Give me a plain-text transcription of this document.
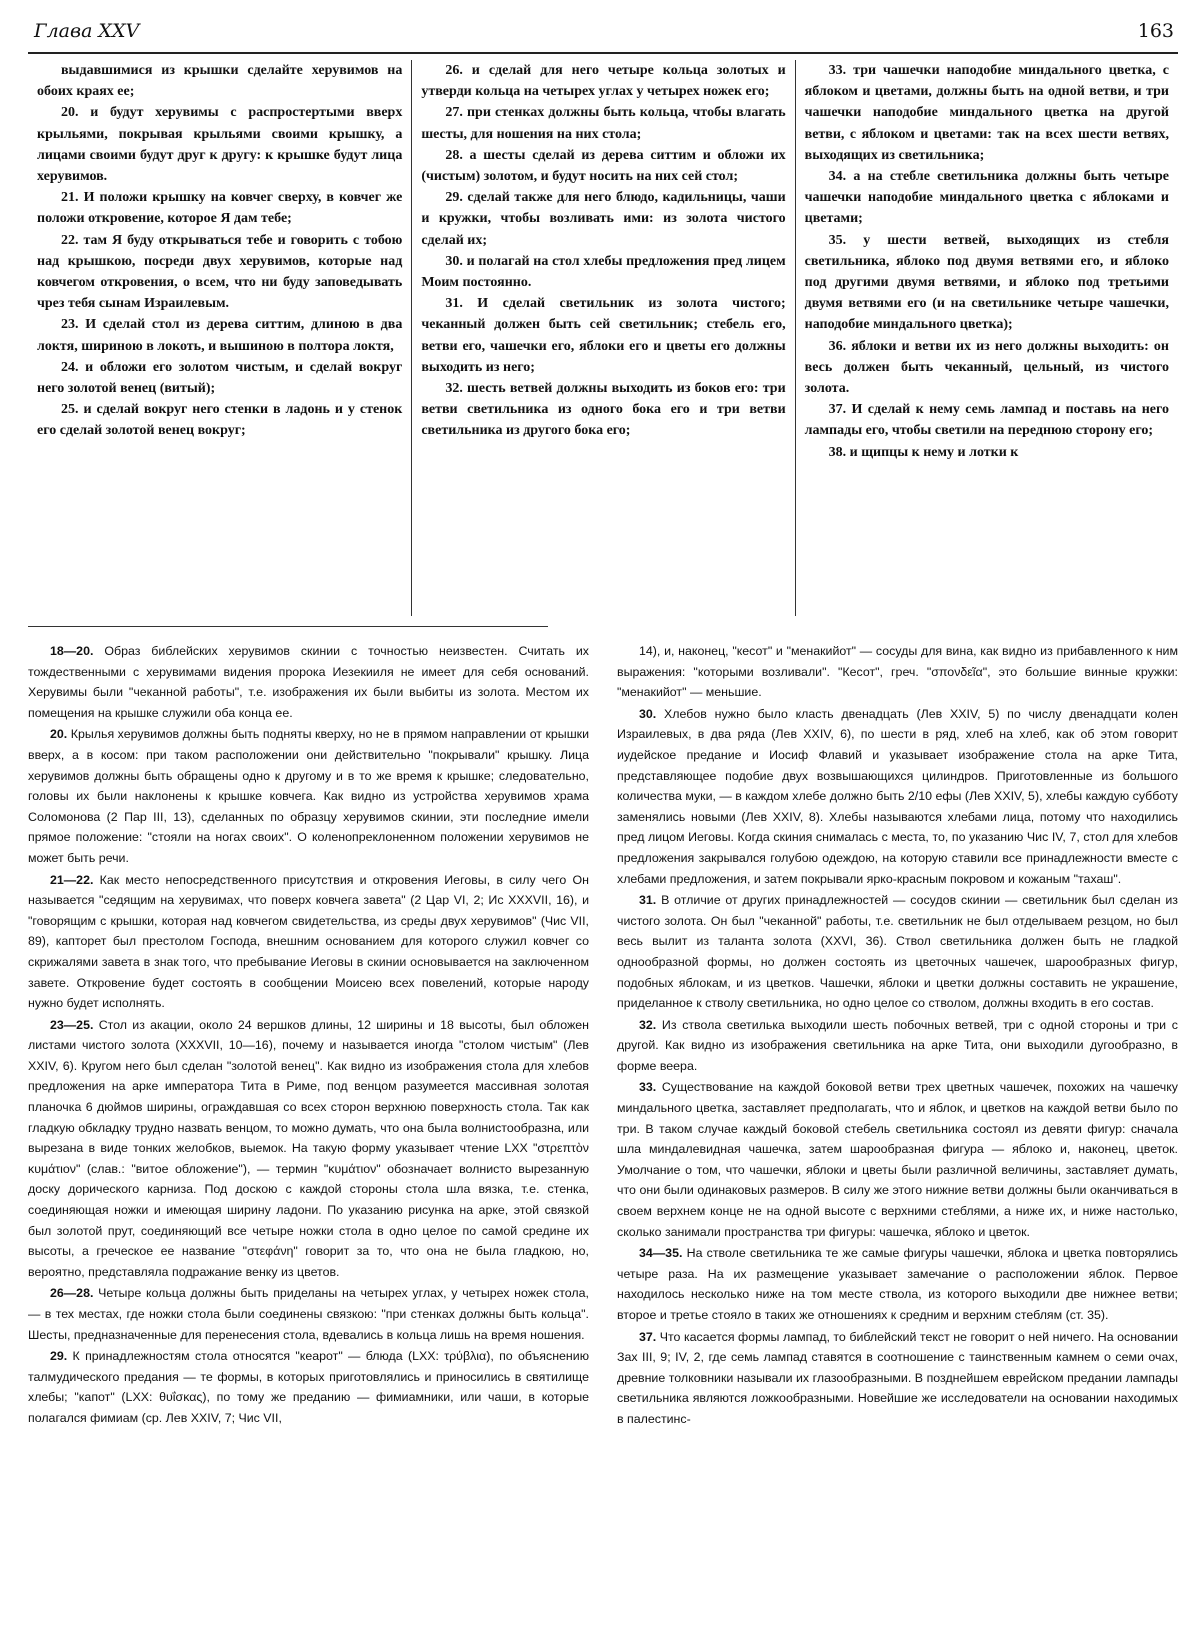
Глава XXV	163

выдавшимися из крышки сделайте херувимов на обоих краях ее;

20. и будут херувимы с распростертыми вверх крыльями, покрывая крыльями своими крышку, а лицами своими будут друг к другу: к крышке будут лица херувимов.

21. И положи крышку на ковчег сверху, в ковчег же положи откровение, которое Я дам тебе;

22. там Я буду открываться тебе и говорить с тобою над крышкою, посреди двух херувимов, которые над ковчегом откровения, о всем, что ни буду заповедывать чрез тебя сынам Израилевым.

23. И сделай стол из дерева ситтим, длиною в два локтя, шириною в локоть, и вышиною в полтора локтя,

24. и обложи его золотом чистым, и сделай вокруг него золотой венец (витый);

25. и сделай вокруг него стенки в ладонь и у стенок его сделай золотой венец вокруг;

26. и сделай для него четыре кольца золотых и утверди кольца на четырех углах у четырех ножек его;

27. при стенках должны быть кольца, чтобы влагать шесты, для ношения на них стола;

28. а шесты сделай из дерева ситтим и обложи их (чистым) золотом, и будут носить на них сей стол;

29. сделай также для него блюдо, кадильницы, чаши и кружки, чтобы возливать ими: из золота чистого сделай их;

30. и полагай на стол хлебы предложения пред лицем Моим постоянно.

31. И сделай светильник из золота чистого; чеканный должен быть сей светильник; стебель его, ветви его, чашечки его, яблоки его и цветы его должны выходить из него;

32. шесть ветвей должны выходить из боков его: три ветви светильника из одного бока его и три ветви светильника из другого бока его;

33. три чашечки наподобие миндального цветка, с яблоком и цветами, должны быть на одной ветви, и три чашечки наподобие миндального цветка на другой ветви, с яблоком и цветами: так на всех шести ветвях, выходящих из светильника;

34. а на стебле светильника должны быть четыре чашечки наподобие миндального цветка с яблоками и цветами;

35. у шести ветвей, выходящих из стебля светильника, яблоко под двумя ветвями его, и яблоко под другими двумя ветвями, и яблоко под третьими двумя ветвями его (и на светильнике четыре чашечки, наподобие миндального цветка);

36. яблоки и ветви их из него должны выходить: он весь должен быть чеканный, цельный, из чистого золота.

37. И сделай к нему семь лампад и поставь на него лампады его, чтобы светили на переднюю сторону его;

38. и щипцы к нему и лотки к

18—20. Образ библейских херувимов скинии с точностью неизвестен. Считать их тождественными с херувимами видения пророка Иезекииля не имеет для себя оснований. Херувимы были "чеканной работы", т.е. изображения их были выбиты из золота. Местом их помещения на крышке служили оба конца ее.

20. Крылья херувимов должны быть подняты кверху, но не в прямом направлении от крышки вверх, а в косом: при таком расположении они действительно "покрывали" крышку. Лица херувимов должны быть обращены одно к другому и в то же время к крышке; следовательно, головы их были наклонены к крышке ковчега. Как видно из устройства херувимов храма Соломонова (2 Пар III, 13), сделанных по образцу херувимов скинии, эти последние имели прямое положение: "стояли на ногах своих". О коленопреклоненном положении херувимов не может быть речи.

21—22. Как место непосредственного присутствия и откровения Иеговы, в силу чего Он называется "седящим на херувимах, что поверх ковчега завета" (2 Цар VI, 2; Ис XXXVII, 16), и "говорящим с крышки, которая над ковчегом свидетельства, из среды двух херувимов" (Чис VII, 89), капторет был престолом Господа, внешним основанием для которого служил ковчег со скрижалями завета в знак того, что пребывание Иеговы в скинии основывается на заключенном завете. Откровение будет состоять в сообщении Моисею всех повелений, которые народу нужно будет исполнять.

23—25. Стол из акации, около 24 вершков длины, 12 ширины и 18 высоты, был обложен листами чистого золота (XXXVII, 10—16), почему и называется иногда "столом чистым" (Лев XXIV, 6). Кругом него был сделан "золотой венец". Как видно из изображения стола для хлебов предложения на арке императора Тита в Риме, под венцом разумеется массивная золотая планочка 6 дюймов ширины, ограждавшая со всех сторон верхнюю поверхность стола. Так как гладкую обкладку трудно назвать венцом, то можно думать, что она была волнистообразна, или вырезана в виде тонких желобков, выемок. На такую форму указывает чтение LXX "στρεπτὸν κυμάτιον" (слав.: "витое обложение"), — термин "κυμάτιον" обозначает волнисто вырезанную доску дорического карниза. Под доскою с каждой стороны стола шла вязка, т.е. стенка, соединяющая ножки и имеющая ширину ладони. По указанию рисунка на арке, этой связкой был золотой прут, соединяющий все четыре ножки стола в одно целое по самой средине их высоты, а греческое ее название "στεφάνη" говорит за то, что она не была гладкою, но, вероятно, представляла подражание венку из цветов.

26—28. Четыре кольца должны быть приделаны на четырех углах, у четырех ножек стола, — в тех местах, где ножки стола были соединены связкою: "при стенках должны быть кольца". Шесты, предназначенные для перенесения стола, вдевались в кольца лишь на время ношения.

29. К принадлежностям стола относятся "кеарот" — блюда (LXX: τρύβλια), по объяснению талмудического предания — те формы, в которых приготовлялись и приносились в святилище хлебы; "капот" (LXX: θυΐσκας), по тому же преданию — фимиамники, или чаши, в которые полагался фимиам (ср. Лев XXIV, 7; Чис VII,

14), и, наконец, "кесот" и "менакийот" — сосуды для вина, как видно из прибавленного к ним выражения: "которыми возливали". "Кесот", греч. "σπονδεῖα", это большие винные кружки: "менакийот" — меньшие.

30. Хлебов нужно было класть двенадцать (Лев XXIV, 5) по числу двенадцати колен Израилевых, в два ряда (Лев XXIV, 6), по шести в ряд, хлеб на хлеб, как об этом говорит иудейское предание и Иосиф Флавий и указывает изображение стола на арке Тита, представляющее подобие двух возвышающихся цилиндров. Приготовленные из большого количества муки, — в каждом хлебе должно быть 2/10 ефы (Лев XXIV, 5), хлебы каждую субботу заменялись новыми (Лев XXIV, 8). Хлебы называются хлебами лица, потому что находились пред лицом Иеговы. Когда скиния снималась с места, то, по указанию Чис IV, 7, стол для хлебов предложения закрывался голубою одеждою, на которую ставили все принадлежности вместе с хлебами предложения, и затем покрывали ярко-красным покровом и кожаным "тахаш".

31. В отличие от других принадлежностей — сосудов скинии — светильник был сделан из чистого золота. Он был "чеканной" работы, т.е. светильник не был отделываем резцом, но был весь вылит из таланта золота (XXVI, 36). Ствол светильника должен быть не гладкой однообразной формы, но должен состоять из цветочных чашечек, шарообразных фигур, подобных яблокам, и из цветков. Чашечки, яблоки и цветки должны составить не украшение, приделанное к стволу светильника, но одно целое со стволом, должны входить в его состав.

32. Из ствола светилька выходили шесть побочных ветвей, три с одной стороны и три с другой. Как видно из изображения светильника на арке Тита, они выходили дугообразно, в форме веера.

33. Существование на каждой боковой ветви трех цветных чашечек, похожих на чашечку миндального цветка, заставляет предполагать, что и яблок, и цветков на каждой ветви было по три. В таком случае каждый боковой стебель светильника состоял из девяти фигур: сначала шла миндалевидная чашечка, затем шарообразная фигура — яблоко и, наконец, цветок. Умолчание о том, что чашечки, яблоки и цветы были различной величины, заставляет думать, что они были одинаковых размеров. В силу же этого нижние ветви должны были оканчиваться в своем верхнем конце не на одной высоте с верхними стеблями, а ниже их, и ниже настолько, сколько занимали пространства три фигуры: чашечка, яблоко и цветок.

34—35. На стволе светильника те же самые фигуры чашечки, яблока и цветка повторялись четыре раза. На их размещение указывает замечание о расположении яблок. Первое находилось несколько ниже на том месте ствола, из которого выходили две нижнее ветви; второе и третье стояло в таких же отношениях к средним и верхним стеблям (ст. 35).

37. Что касается формы лампад, то библейский текст не говорит о ней ничего. На основании Зах III, 9; IV, 2, где семь лампад ставятся в соотношение с таинственным камнем о семи очах, древние толковники называли их глазообразными. В позднейшем еврейском предании лампады светильника являются ложкообразными. Новейшие же исследователи на основании находимых в палестинс-
